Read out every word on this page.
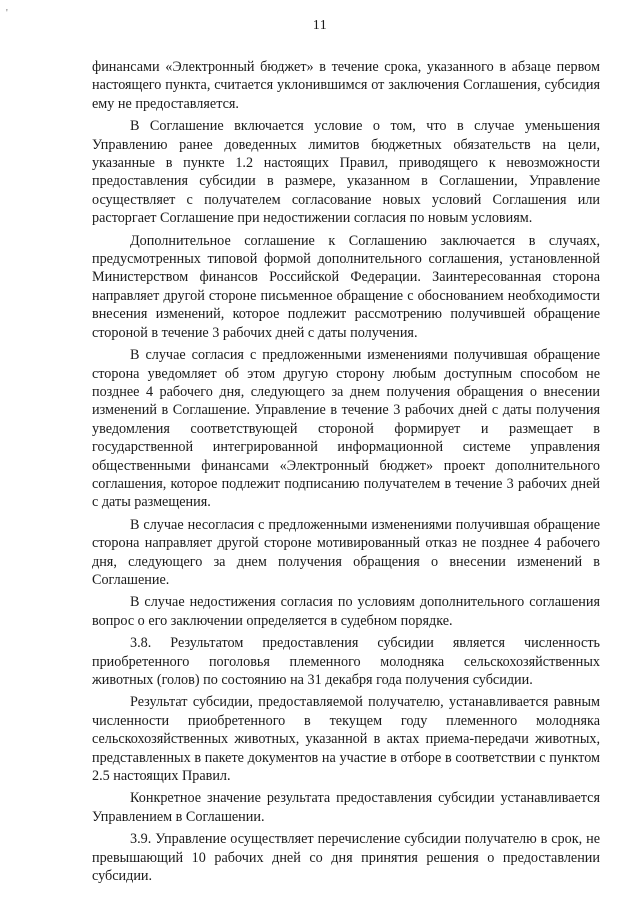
'
11

финансами «Электронный бюджет» в течение срока, указанного в абзаце первом настоящего пункта, считается уклонившимся от заключения Соглашения, субсидия ему не предоставляется.

В Соглашение включается условие о том, что в случае уменьшения Управлению ранее доведенных лимитов бюджетных обязательств на цели, указанные в пункте 1.2 настоящих Правил, приводящего к невозможности предоставления субсидии в размере, указанном в Соглашении, Управление осуществляет с получателем согласование новых условий Соглашения или расторгает Соглашение при недостижении согласия по новым условиям.

Дополнительное соглашение к Соглашению заключается в случаях, предусмотренных типовой формой дополнительного соглашения, установленной Министерством финансов Российской Федерации. Заинтересованная сторона направляет другой стороне письменное обращение с обоснованием необходимости внесения изменений, которое подлежит рассмотрению получившей обращение стороной в течение 3 рабочих дней с даты получения.

В случае согласия с предложенными изменениями получившая обращение сторона уведомляет об этом другую сторону любым доступным способом не позднее 4 рабочего дня, следующего за днем получения обращения о внесении изменений в Соглашение. Управление в течение 3 рабочих дней с даты получения уведомления соответствующей стороной формирует и размещает в государственной интегрированной информационной системе управления общественными финансами «Электронный бюджет» проект дополнительного соглашения, которое подлежит подписанию получателем в течение 3 рабочих дней с даты размещения.

В случае несогласия с предложенными изменениями получившая обращение сторона направляет другой стороне мотивированный отказ не позднее 4 рабочего дня, следующего за днем получения обращения о внесении изменений в Соглашение.

В случае недостижения согласия по условиям дополнительного соглашения вопрос о его заключении определяется в судебном порядке.

3.8. Результатом предоставления субсидии является численность приобретенного поголовья племенного молодняка сельскохозяйственных животных (голов) по состоянию на 31 декабря года получения субсидии.

Результат субсидии, предоставляемой получателю, устанавливается равным численности приобретенного в текущем году племенного молодняка сельскохозяйственных животных, указанной в актах приема-передачи животных, представленных в пакете документов на участие в отборе в соответствии с пунктом 2.5 настоящих Правил.

Конкретное значение результата предоставления субсидии устанавливается Управлением в Соглашении.

3.9. Управление осуществляет перечисление субсидии получателю в срок, не превышающий 10 рабочих дней со дня принятия решения о предоставлении субсидии.
